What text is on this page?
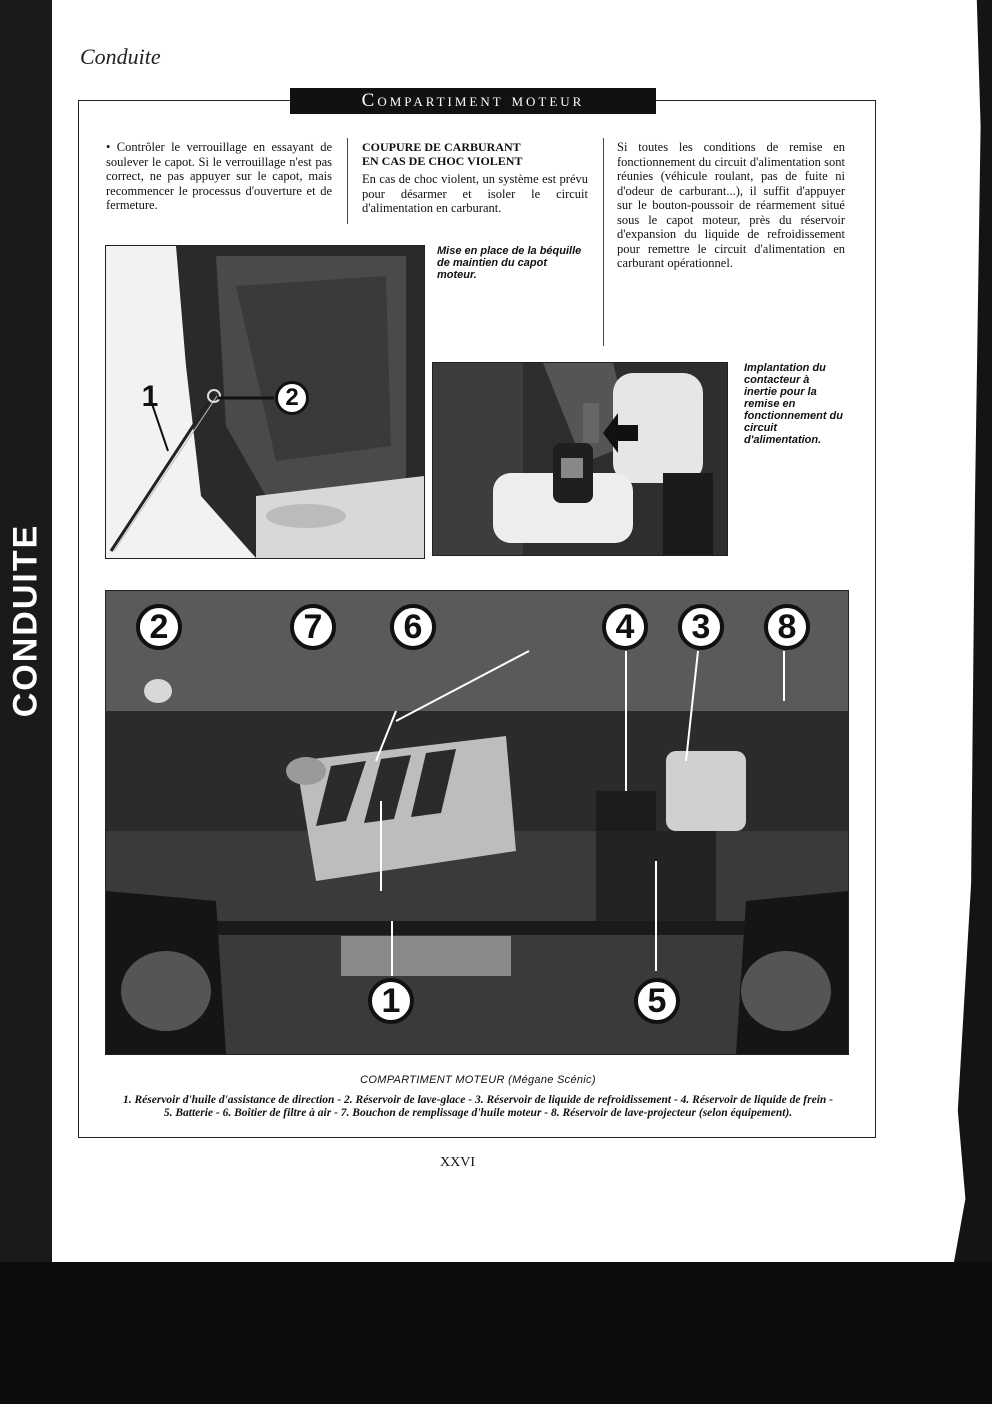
CONDUITE
Conduite
Compartiment moteur
• Contrôler le verrouillage en essayant de soulever le capot. Si le verrouillage n'est pas correct, ne pas appuyer sur le capot, mais recommencer le processus d'ouverture et de fermeture.
COUPURE DE CARBURANT
EN CAS DE CHOC VIOLENT

En cas de choc violent, un système est prévu pour désarmer et isoler le circuit d'alimentation en carburant.

Si toutes les conditions de remise en fonctionnement du circuit d'alimentation sont réunies (véhicule roulant, pas de fuite ni d'odeur de carburant...), il suffit d'appuyer sur le bouton-poussoir de réarmement situé sous le capot moteur, près du réservoir d'expansion du liquide de refroidissement pour remettre le circuit d'alimentation en carburant opérationnel.
1	2
Mise en place de la béquille de maintien du capot moteur.
Implantation du contacteur à inertie pour la remise en fonctionnement du circuit d'alimentation.
2	7	6	4	3	8
1	5
COMPARTIMENT MOTEUR (Mégane Scénic)
1. Réservoir d'huile d'assistance de direction - 2. Réservoir de lave-glace - 3. Réservoir de liquide de refroidissement - 4. Réservoir de liquide de frein -
5. Batterie - 6. Boîtier de filtre à air - 7. Bouchon de remplissage d'huile moteur - 8. Réservoir de lave-projecteur (selon équipement).
XXVI
